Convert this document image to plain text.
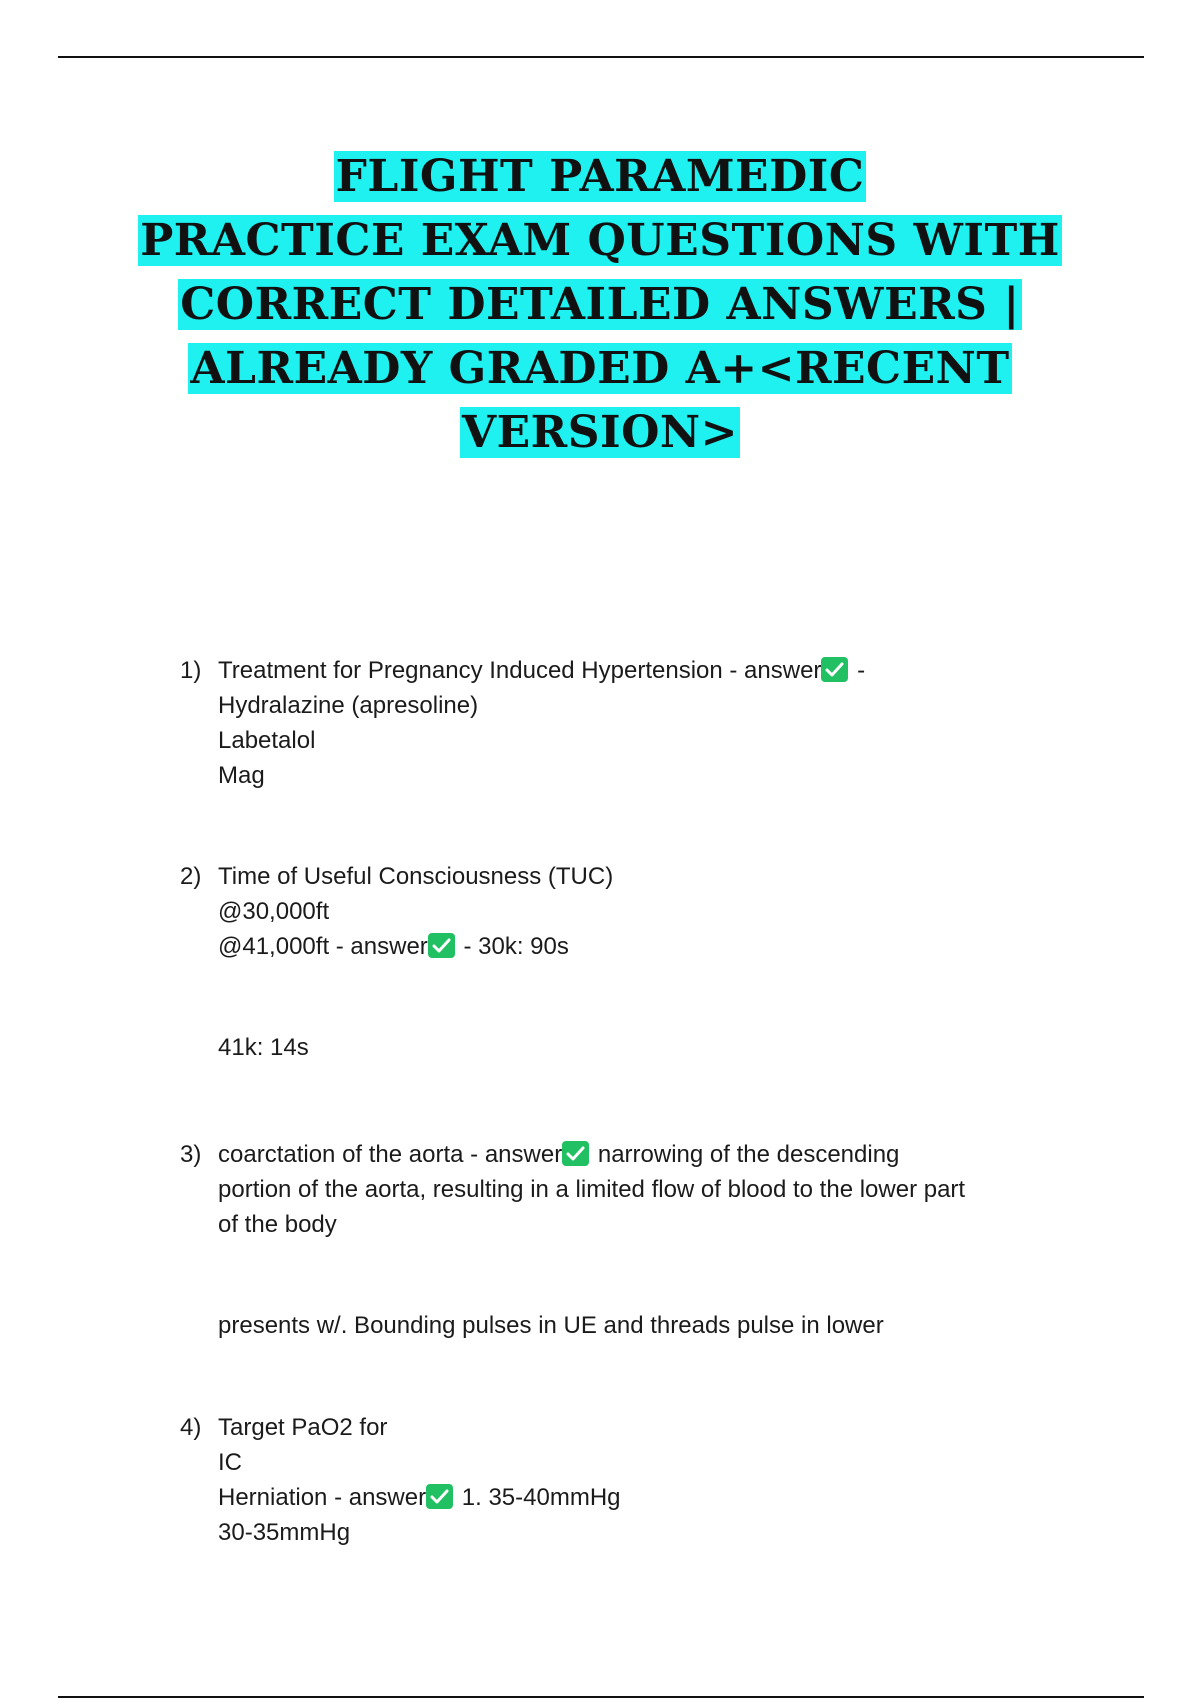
FLIGHT PARAMEDIC
PRACTICE EXAM QUESTIONS WITH
CORRECT DETAILED ANSWERS |
ALREADY GRADED A+<RECENT
VERSION>
1) Treatment for Pregnancy Induced Hypertension - answer
-
Hydralazine (apresoline)
Labetalol
Mag
2) Time of Useful Consciousness (TUC)
@30,000ft
@41,000ft - answer
- 30k: 90s
41k: 14s
3) coarctation of the aorta - answer
narrowing of the descending
portion of the aorta, resulting in a limited flow of blood to the lower part
of the body
presents w/. Bounding pulses in UE and threads pulse in lower
4) Target PaO2 for
IC
Herniation - answer
1. 35-40mmHg
30-35mmHg
